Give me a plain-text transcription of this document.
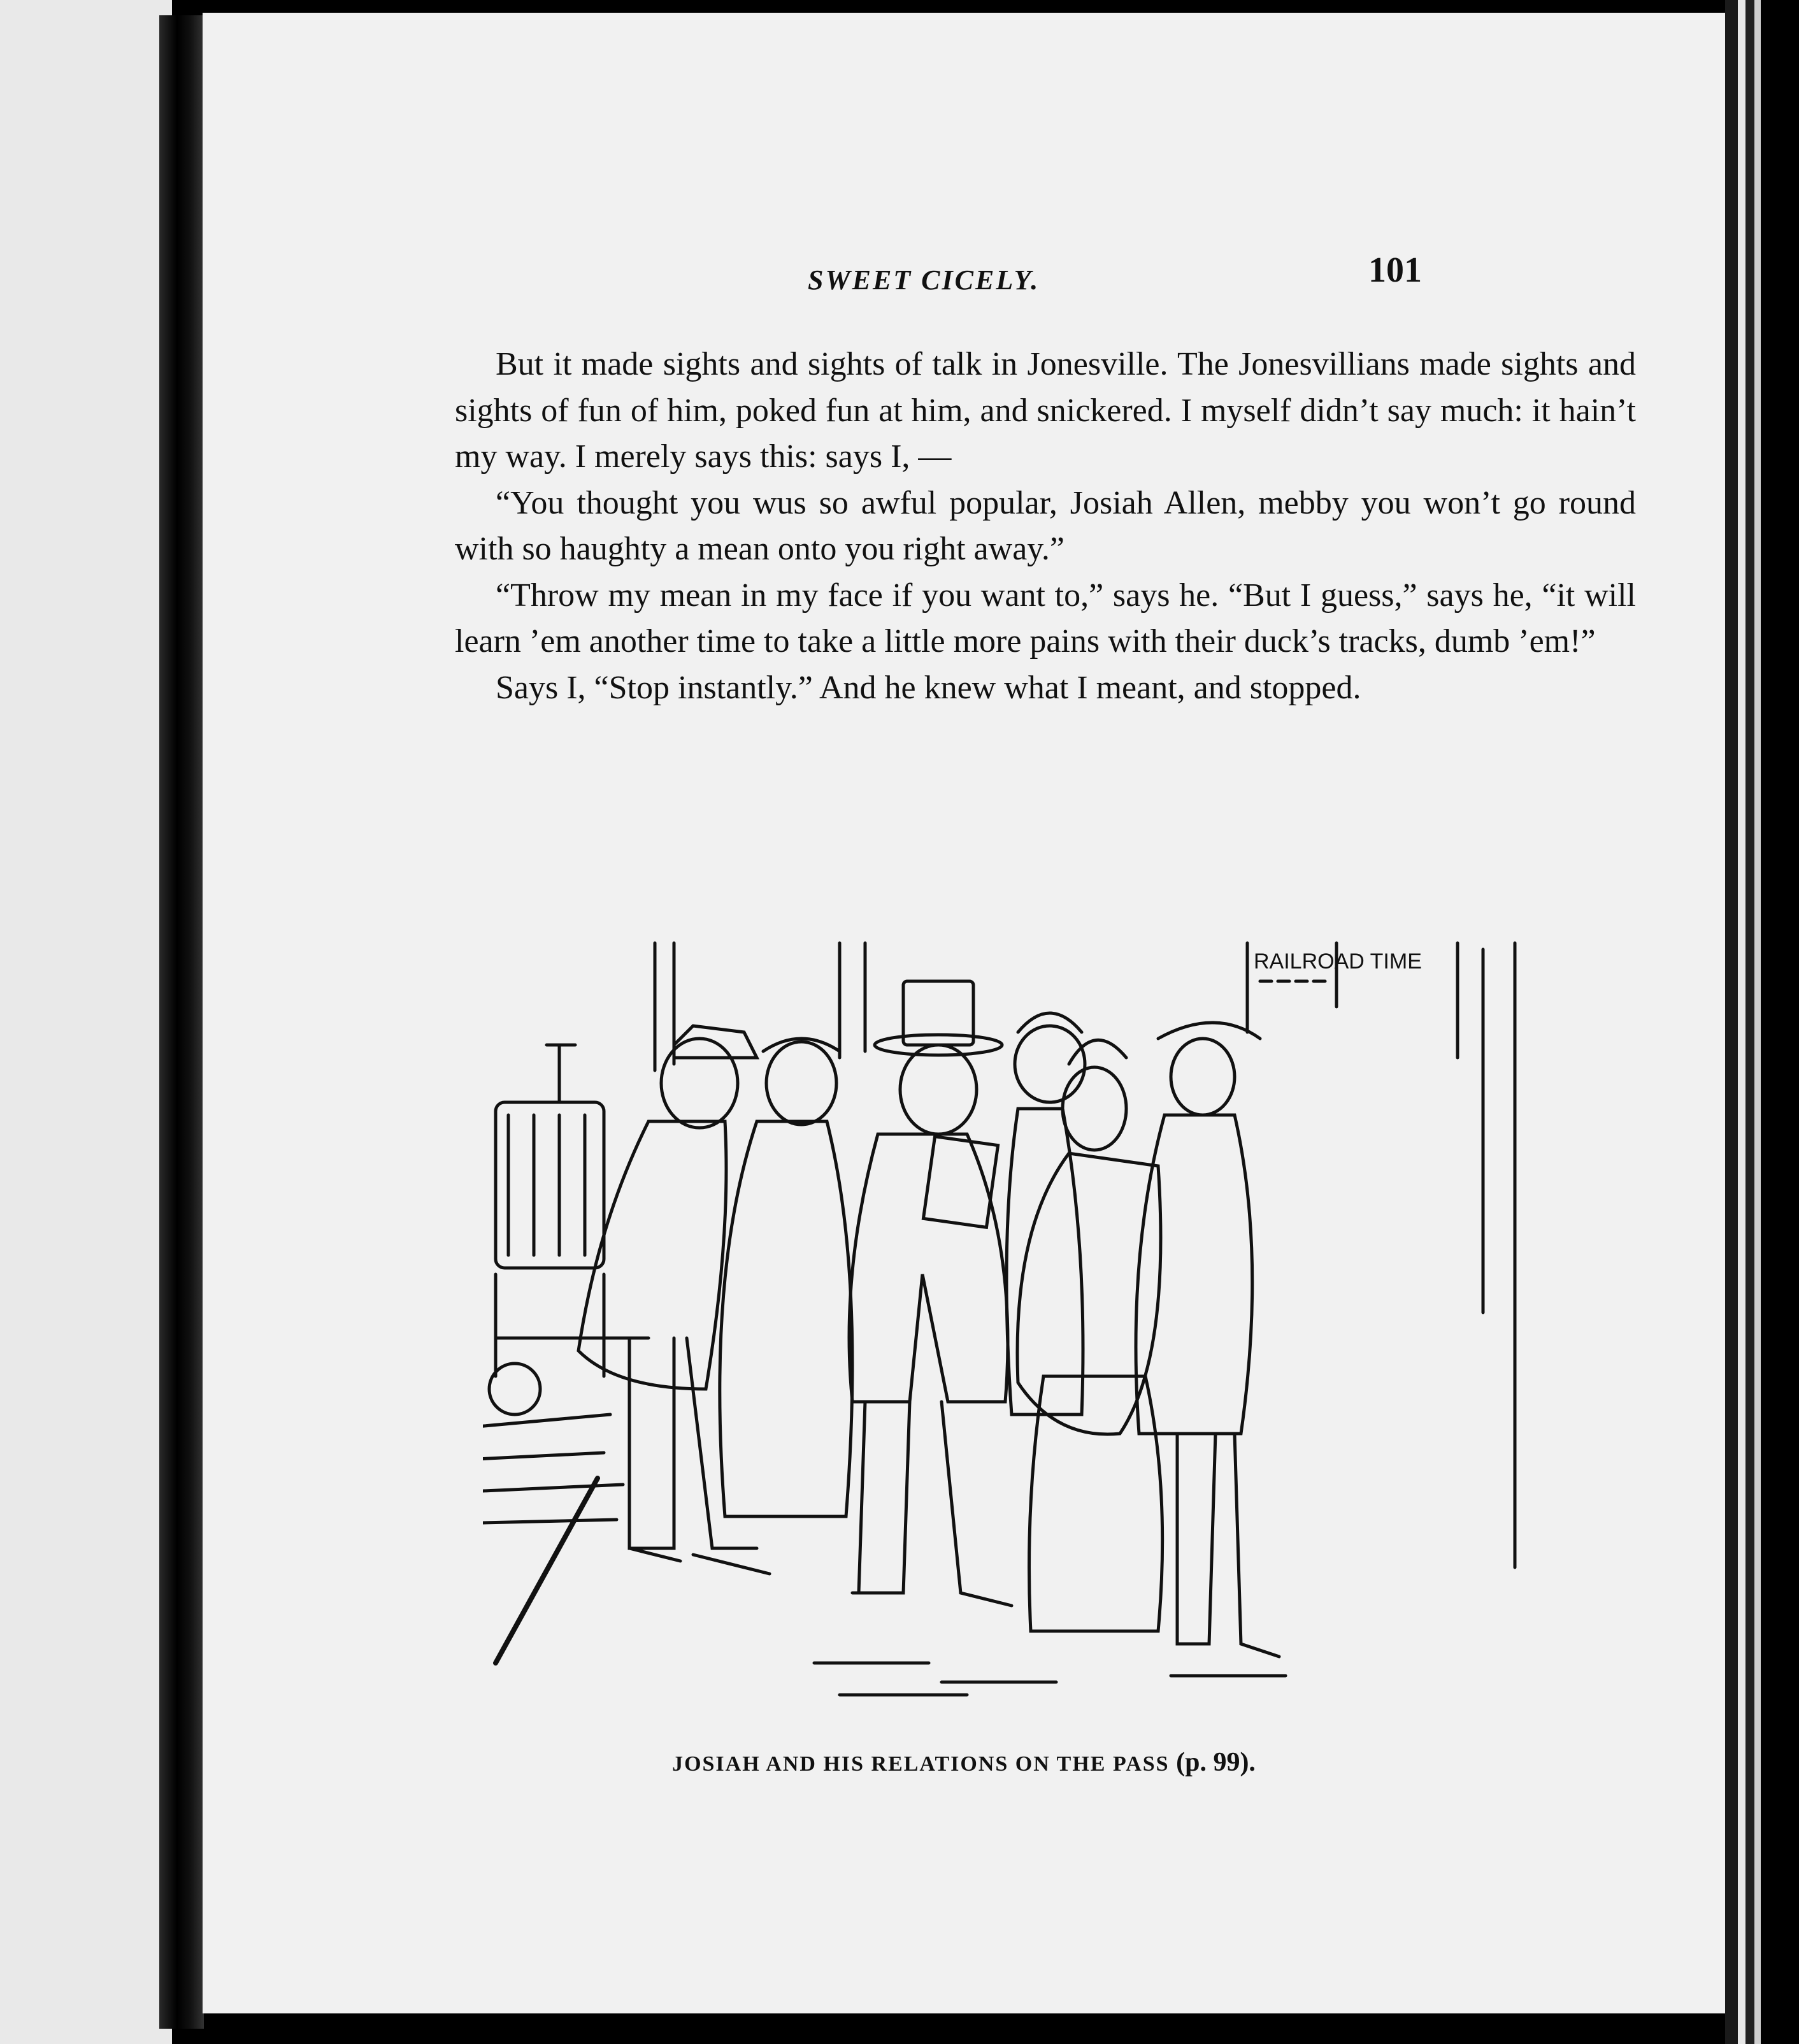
SWEET CICELY.	101

But it made sights and sights of talk in Jonesville. The Jonesvillians made sights and sights of fun of him, poked fun at him, and snickered. I myself didn’t say much: it hain’t my way. I merely says this: says I, —

“You thought you wus so awful popular, Josiah Allen, mebby you won’t go round with so haughty a mean onto you right away.”

“Throw my mean in my face if you want to,” says he. “But I guess,” says he, “it will learn ’em another time to take a little more pains with their duck’s tracks, dumb ’em!”

Says I, “Stop instantly.” And he knew what I meant, and stopped.

RAILROAD TIME
JOSIAH AND HIS RELATIONS ON THE PASS (p. 99).
